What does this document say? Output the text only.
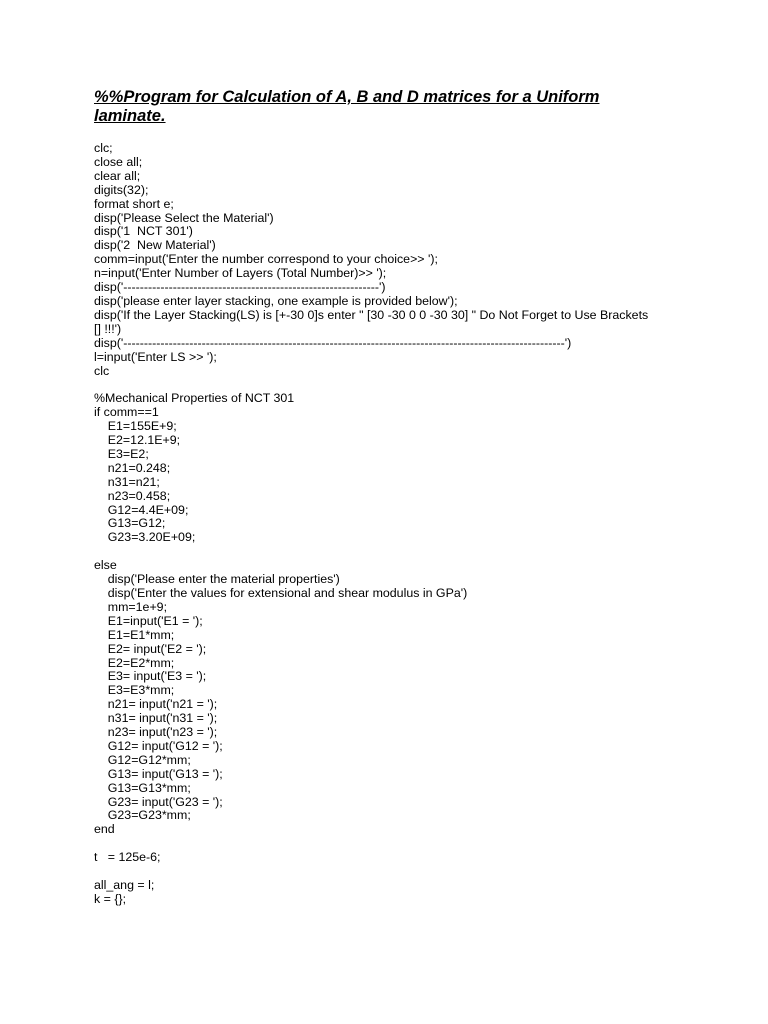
%%Program for Calculation of A, B and D matrices for a Uniform
laminate.
clc;
close all;
clear all;
digits(32);
format short e;
disp('Please Select the Material')
disp('1  NCT 301')
disp('2  New Material')
comm=input('Enter the number correspond to your choice>> ');
n=input('Enter Number of Layers (Total Number)>> ');
disp('--------------------------------------------------------------')
disp('please enter layer stacking, one example is provided below');
disp('If the Layer Stacking(LS) is [+-30 0]s enter " [30 -30 0 0 -30 30] " Do Not Forget to Use Brackets
[] !!!')
disp('-----------------------------------------------------------------------------------------------------------')
l=input('Enter LS >> ');
clc
%Mechanical Properties of NCT 301
if comm==1
E1=155E+9;
E2=12.1E+9;
E3=E2;
n21=0.248;
n31=n21;
n23=0.458;
G12=4.4E+09;
G13=G12;
G23=3.20E+09;
else
disp('Please enter the material properties')
disp('Enter the values for extensional and shear modulus in GPa')
mm=1e+9;
E1=input('E1 = ');
E1=E1*mm;
E2= input('E2 = ');
E2=E2*mm;
E3= input('E3 = ');
E3=E3*mm;
n21= input('n21 = ');
n31= input('n31 = ');
n23= input('n23 = ');
G12= input('G12 = ');
G12=G12*mm;
G13= input('G13 = ');
G13=G13*mm;
G23= input('G23 = ');
G23=G23*mm;
end
t   = 125e-6;
all_ang = l;
k = {};
